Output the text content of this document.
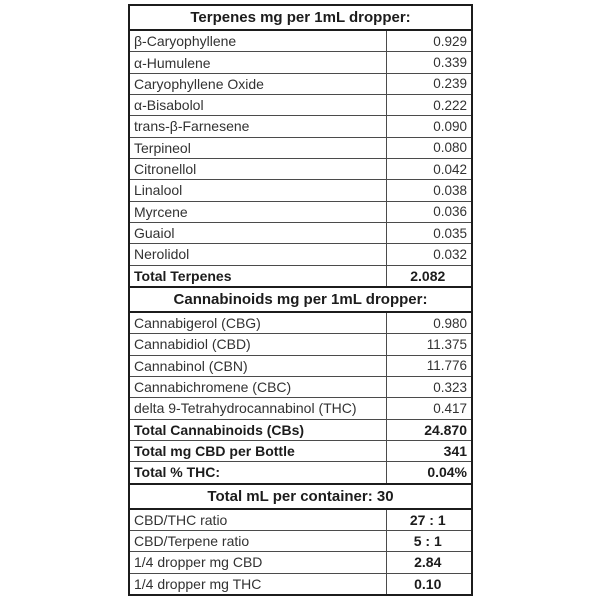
Terpenes mg per 1mL dropper:	
β-Caryophyllene	0.929
α-Humulene	0.339
Caryophyllene Oxide	0.239
α-Bisabolol	0.222
trans-β-Farnesene	0.090
Terpineol	0.080
Citronellol	0.042
Linalool	0.038
Myrcene	0.036
Guaiol	0.035
Nerolidol	0.032
Total Terpenes	2.082
Cannabinoids mg per 1mL dropper:	
Cannabigerol (CBG)	0.980
Cannabidiol (CBD)	11.375
Cannabinol (CBN)	11.776
Cannabichromene (CBC)	0.323
delta 9-Tetrahydrocannabinol (THC)	0.417
Total Cannabinoids (CBs)	24.870
Total mg CBD per Bottle	341
Total % THC:	0.04%
Total mL per container: 30	
CBD/THC ratio	27 : 1
CBD/Terpene ratio	5 : 1
1/4 dropper mg CBD	2.84
1/4 dropper mg THC	0.10
